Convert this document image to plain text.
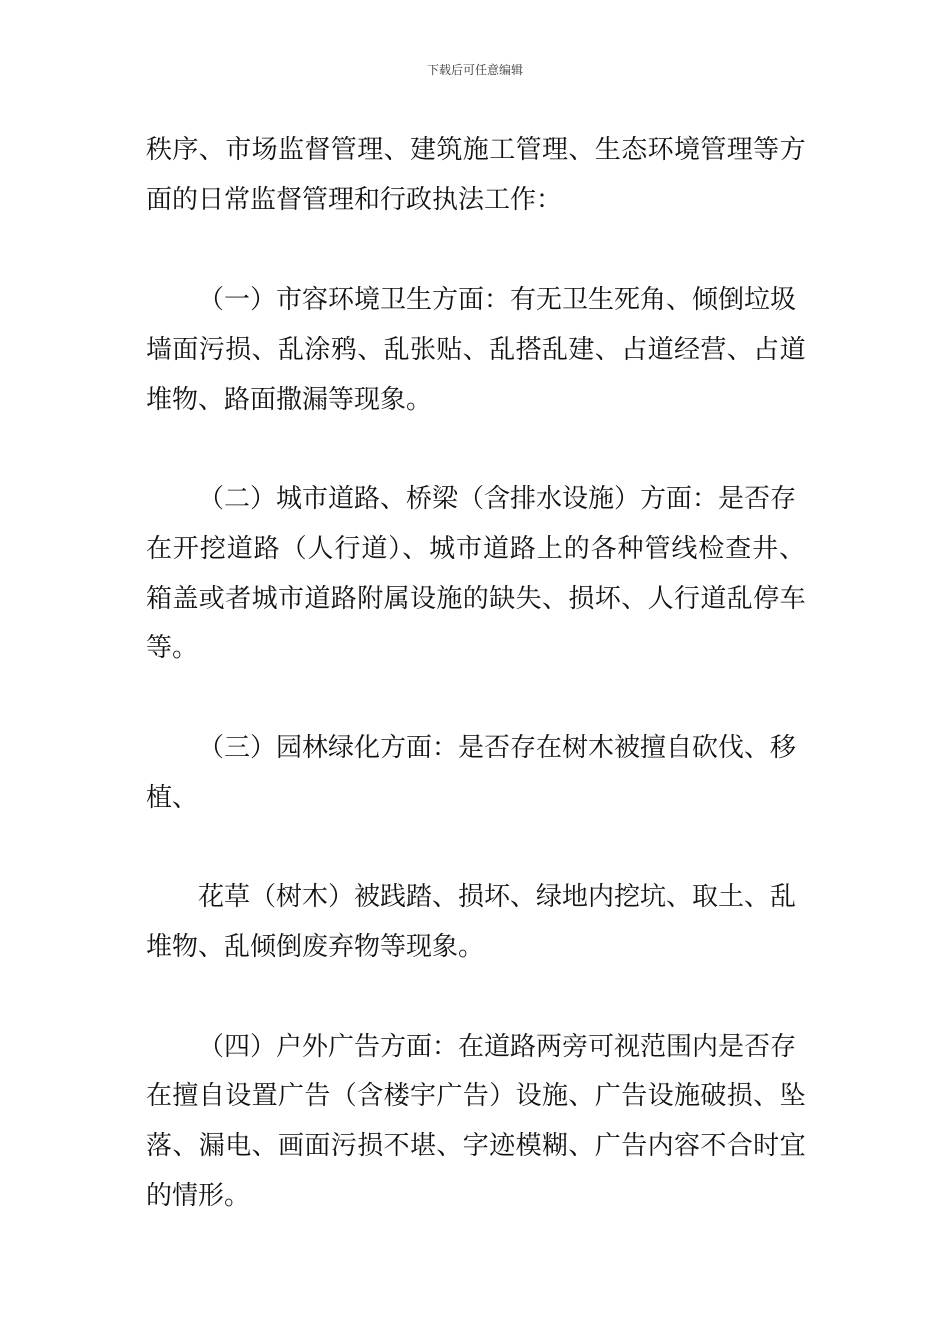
下载后可任意编辑
秩序、市场监督管理、建筑施工管理、生态环境管理等方
面的日常监督管理和行政执法工作：
（一）市容环境卫生方面：有无卫生死角、倾倒垃圾
墙面污损、乱涂鸦、乱张贴、乱搭乱建、占道经营、占道
堆物、路面撒漏等现象。
（二）城市道路、桥梁（含排水设施）方面：是否存
在开挖道路（人行道）、城市道路上的各种管线检查井、
箱盖或者城市道路附属设施的缺失、损坏、人行道乱停车
等。
（三）园林绿化方面：是否存在树木被擅自砍伐、移
植、
花草（树木）被践踏、损坏、绿地内挖坑、取土、乱
堆物、乱倾倒废弃物等现象。
（四）户外广告方面：在道路两旁可视范围内是否存
在擅自设置广告（含楼宇广告）设施、广告设施破损、坠
落、漏电、画面污损不堪、字迹模糊、广告内容不合时宜
的情形。
